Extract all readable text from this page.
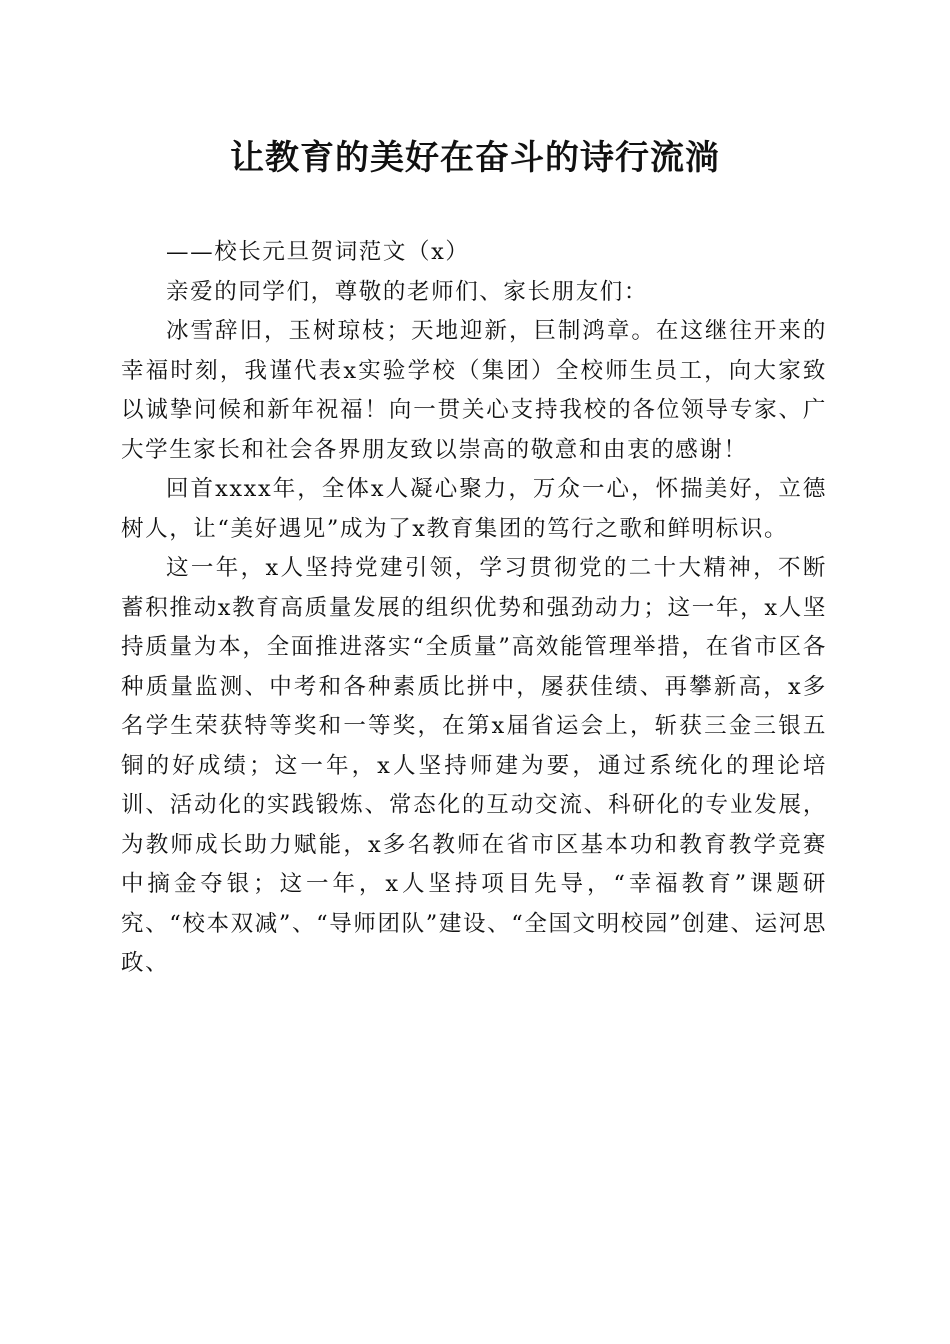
让教育的美好在奋斗的诗行流淌

——校长元旦贺词范文（x）

亲爱的同学们，尊敬的老师们、家长朋友们：

冰雪辞旧，玉树琼枝；天地迎新，巨制鸿章。在这继往开来的幸福时刻，我谨代表x实验学校（集团）全校师生员工，向大家致以诚挚问候和新年祝福！向一贯关心支持我校的各位领导专家、广大学生家长和社会各界朋友致以崇高的敬意和由衷的感谢！

回首xxxx年，全体x人凝心聚力，万众一心，怀揣美好，立德树人，让“美好遇见”成为了x教育集团的笃行之歌和鲜明标识。

这一年，x人坚持党建引领，学习贯彻党的二十大精神，不断蓄积推动x教育高质量发展的组织优势和强劲动力；这一年，x人坚持质量为本，全面推进落实“全质量”高效能管理举措，在省市区各种质量监测、中考和各种素质比拼中，屡获佳绩、再攀新高，x多名学生荣获特等奖和一等奖，在第x届省运会上，斩获三金三银五铜的好成绩；这一年，x人坚持师建为要，通过系统化的理论培训、活动化的实践锻炼、常态化的互动交流、科研化的专业发展，为教师成长助力赋能，x多名教师在省市区基本功和教育教学竞赛中摘金夺银；这一年，x人坚持项目先导，“幸福教育”课题研究、“校本双减”、“导师团队”建设、“全国文明校园”创建、运河思政、
